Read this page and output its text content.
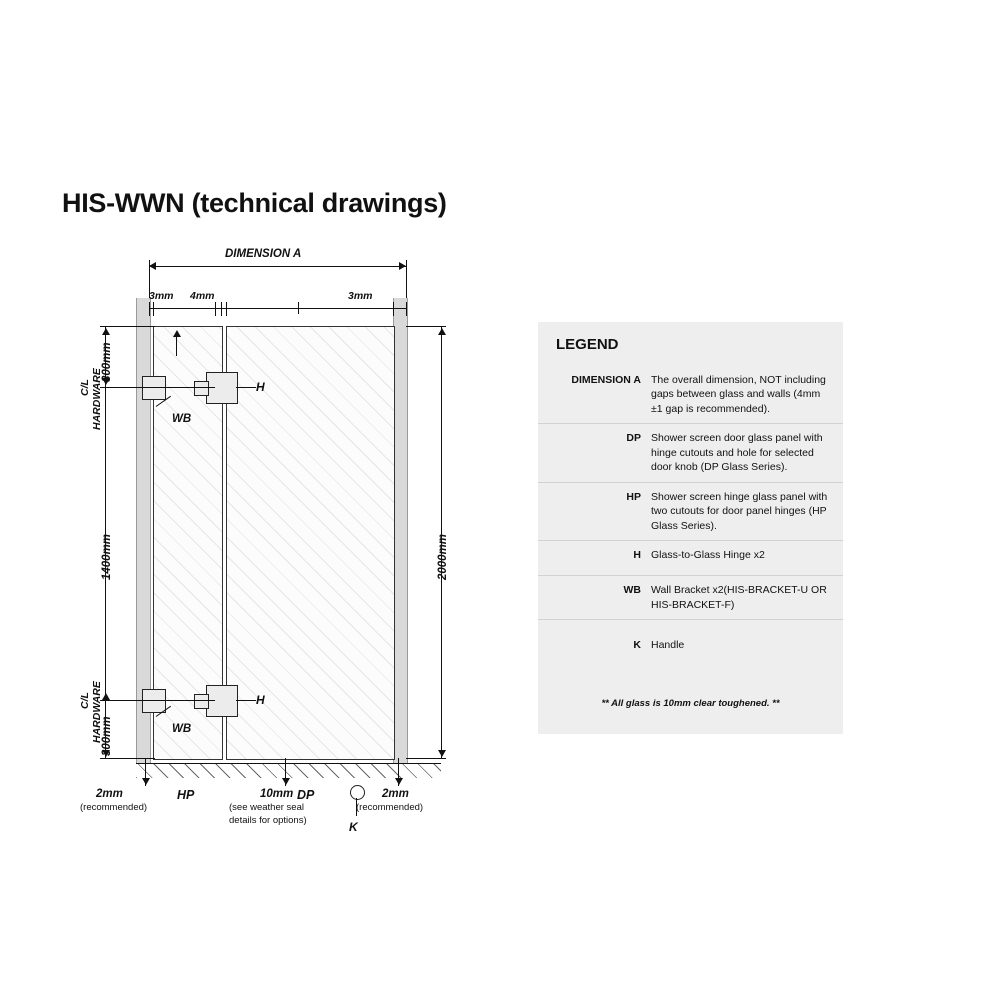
HIS-WWN (technical drawings)
DIMENSION A
3mm 4mm	3mm
HP	DP
H
H
WB
WB
K
300mm
1400mm
300mm
C/L HARDWARE
C/L HARDWARE
2000mm
2mm
(recommended)
10mm
(see weather seal
details for options)
2mm
(recommended)
LEGEND
DIMENSION A The overall dimension, NOT including gaps between glass and walls (4mm ±1 gap is recommended).
DP Shower screen door glass panel with hinge cutouts and hole for selected door knob (DP Glass Series).
HP Shower screen hinge glass panel with two cutouts for door panel hinges (HP Glass Series).
H Glass-to-Glass Hinge x2
WB Wall Bracket x2(HIS-BRACKET-U OR HIS-BRACKET-F)
K Handle
** All glass is 10mm clear toughened. **
